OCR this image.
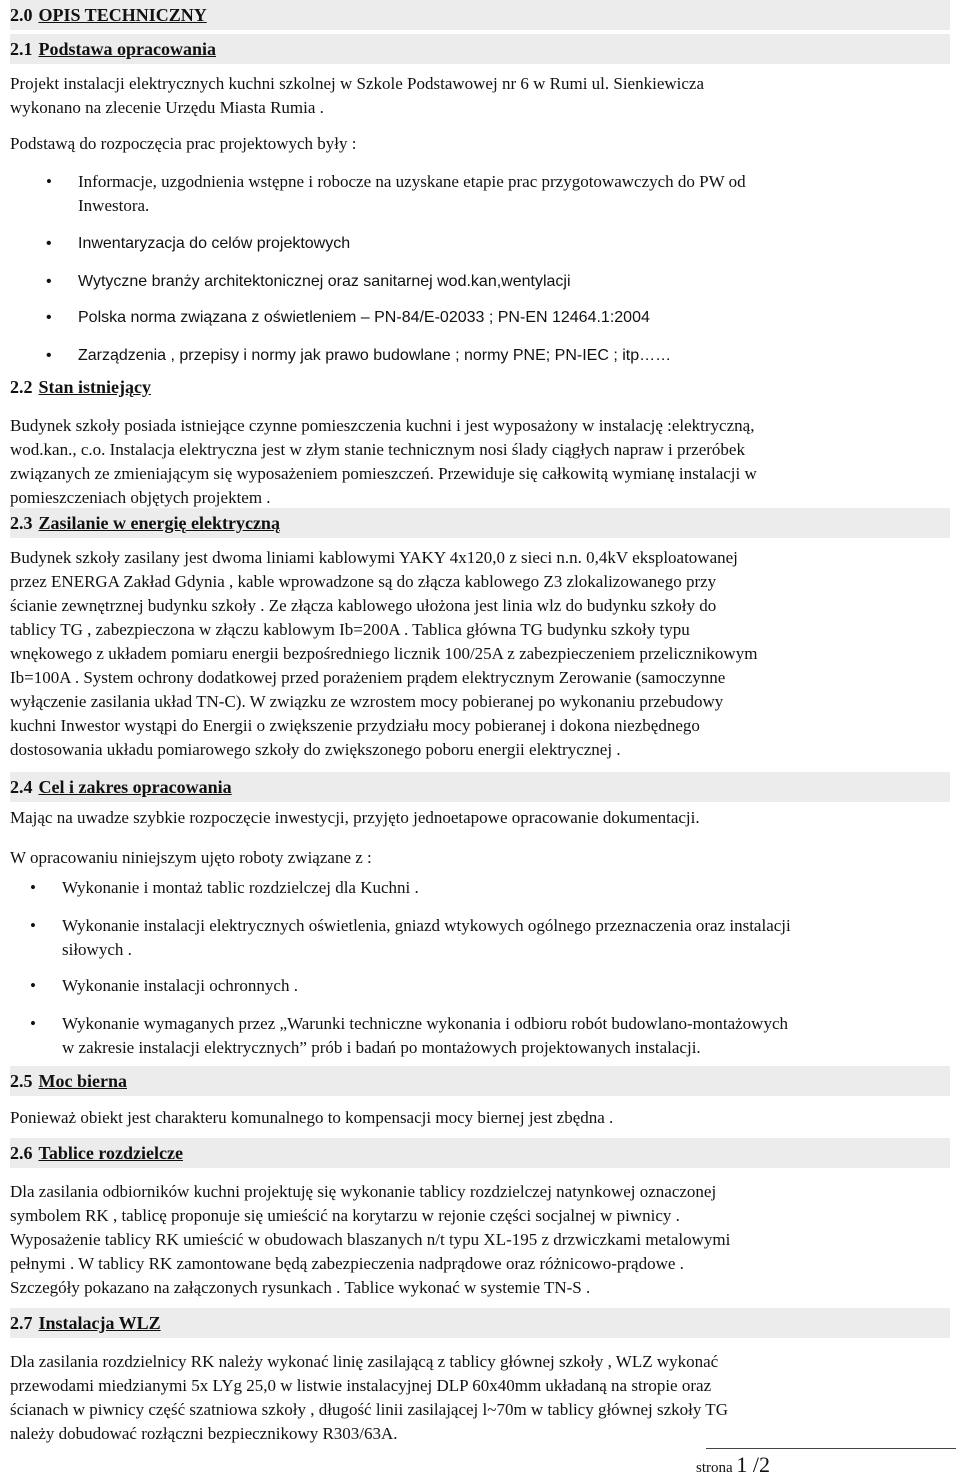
2.0 OPIS TECHNICZNY
2.1 Podstawa opracowania
Projekt instalacji elektrycznych kuchni szkolnej w Szkole Podstawowej nr 6 w Rumi ul. Sienkiewicza
wykonano na zlecenie Urzędu Miasta Rumia .
Podstawą do rozpoczęcia prac projektowych były :
• Informacje, uzgodnienia wstępne i robocze na uzyskane etapie prac przygotowawczych do PW od
Inwestora.
• Inwentaryzacja do celów projektowych
• Wytyczne branży architektonicznej oraz sanitarnej wod.kan,wentylacji
• Polska norma związana z oświetleniem – PN-84/E-02033 ; PN-EN 12464.1:2004
• Zarządzenia , przepisy i normy jak prawo budowlane ; normy PNE; PN-IEC ; itp……
2.2 Stan istniejący
Budynek szkoły posiada istniejące czynne pomieszczenia kuchni i jest wyposażony w instalację :elektryczną,
wod.kan., c.o. Instalacja elektryczna jest w złym stanie technicznym nosi ślady ciągłych napraw i przeróbek
związanych ze zmieniającym się wyposażeniem pomieszczeń. Przewiduje się całkowitą wymianę instalacji w
pomieszczeniach objętych projektem .
2.3 Zasilanie w energię elektryczną
Budynek szkoły zasilany jest dwoma liniami kablowymi YAKY 4x120,0 z sieci n.n. 0,4kV eksploatowanej
przez ENERGA Zakład Gdynia , kable wprowadzone są do złącza kablowego Z3 zlokalizowanego przy
ścianie zewnętrznej budynku szkoły . Ze złącza kablowego ułożona jest linia wlz do budynku szkoły do
tablicy TG , zabezpieczona w złączu kablowym Ib=200A . Tablica główna TG budynku szkoły typu
wnękowego z układem pomiaru energii bezpośredniego licznik 100/25A z zabezpieczeniem przelicznikowym
Ib=100A . System ochrony dodatkowej przed porażeniem prądem elektrycznym Zerowanie (samoczynne
wyłączenie zasilania układ TN-C). W związku ze wzrostem mocy pobieranej po wykonaniu przebudowy
kuchni Inwestor wystąpi do Energii o zwiększenie przydziału mocy pobieranej i dokona niezbędnego
dostosowania układu pomiarowego szkoły do zwiększonego poboru energii elektrycznej .
2.4 Cel i zakres opracowania
Mając na uwadze szybkie rozpoczęcie inwestycji, przyjęto jednoetapowe opracowanie dokumentacji.
W opracowaniu niniejszym ujęto roboty związane z :
• Wykonanie i montaż tablic rozdzielczej dla Kuchni .
• Wykonanie instalacji elektrycznych oświetlenia, gniazd wtykowych ogólnego przeznaczenia oraz instalacji
siłowych .
• Wykonanie instalacji ochronnych .
• Wykonanie wymaganych przez „Warunki techniczne wykonania i odbioru robót budowlano-montażowych
w zakresie instalacji elektrycznych” prób i badań po montażowych projektowanych instalacji.
2.5 Moc bierna
Ponieważ obiekt jest charakteru komunalnego to kompensacji mocy biernej jest zbędna .
2.6 Tablice rozdzielcze
Dla zasilania odbiorników kuchni projektuję się wykonanie tablicy rozdzielczej natynkowej oznaczonej
symbolem RK , tablicę proponuje się umieścić na korytarzu w rejonie części socjalnej w piwnicy .
Wyposażenie tablicy RK umieścić w obudowach blaszanych n/t typu XL-195 z drzwiczkami metalowymi
pełnymi . W tablicy RK zamontowane będą zabezpieczenia nadprądowe oraz różnicowo-prądowe .
Szczegóły pokazano na załączonych rysunkach . Tablice wykonać w systemie TN-S .
2.7 Instalacja WLZ
Dla zasilania rozdzielnicy RK należy wykonać linię zasilającą z tablicy głównej szkoły , WLZ wykonać
przewodami miedzianymi 5x LYg 25,0 w listwie instalacyjnej DLP 60x40mm układaną na stropie oraz
ścianach w piwnicy część szatniowa szkoły , długość linii zasilającej l~70m w tablicy głównej szkoły TG
należy dobudować rozłączni bezpiecznikowy R303/63A.
strona 1 /2
